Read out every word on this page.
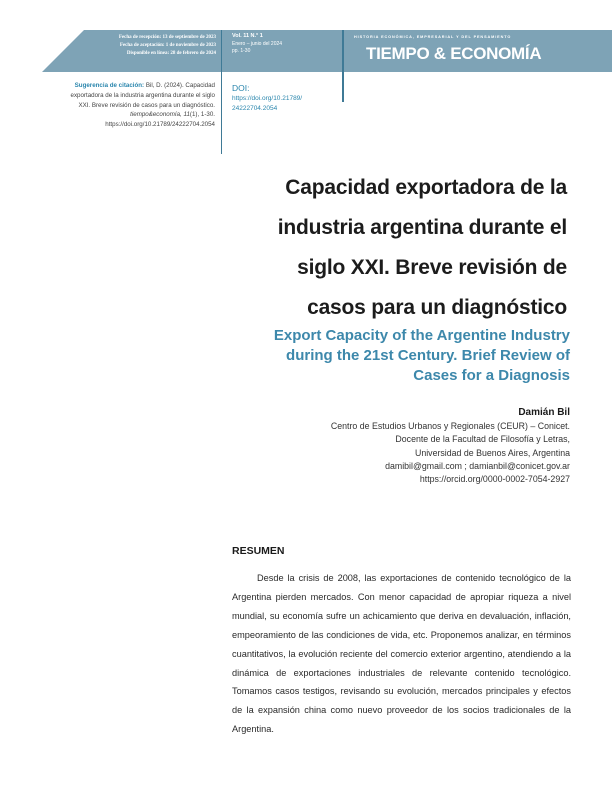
Fecha de recepción: 13 de septiembre de 2023
Fecha de aceptación: 1 de noviembre de 2023
Disponible en línea: 28 de febrero de 2024
Vol. 11 N.° 1
Enero – junio del 2024
pp. 1-30
HISTORIA ECONÓMICA, EMPRESARIAL Y DEL PENSAMIENTO
TIEMPO & ECONOMÍA
Sugerencia de citación: Bil, D. (2024). Capacidad exportadora de la industria argentina durante el siglo XXI. Breve revisión de casos para un diagnóstico. tiempo&economía, 11(1), 1-30. https://doi.org/10.21789/24222704.2054
DOI:
https://doi.org/10.21789/
24222704.2054
Capacidad exportadora de la
industria argentina durante el
siglo XXI. Breve revisión de
casos para un diagnóstico
Export Capacity of the Argentine Industry
during the 21st Century. Brief Review of
Cases for a Diagnosis
Damián Bil
Centro de Estudios Urbanos y Regionales (CEUR) – Conicet.
Docente de la Facultad de Filosofía y Letras,
Universidad de Buenos Aires, Argentina
damibil@gmail.com ; damianbil@conicet.gov.ar
https://orcid.org/0000-0002-7054-2927
RESUMEN
Desde la crisis de 2008, las exportaciones de contenido tecnológico de la Argentina pierden mercados. Con menor capacidad de apropiar riqueza a nivel mundial, su economía sufre un achicamiento que deriva en devaluación, inflación, empeoramiento de las condiciones de vida, etc. Proponemos analizar, en términos cuantitativos, la evolución reciente del comercio exterior argentino, atendiendo a la dinámica de exportaciones industriales de relevante contenido tecnológico. Tomamos casos testigos, revisando su evolución, mercados principales y efectos de la expansión china como nuevo proveedor de los socios tradicionales de la Argentina.
